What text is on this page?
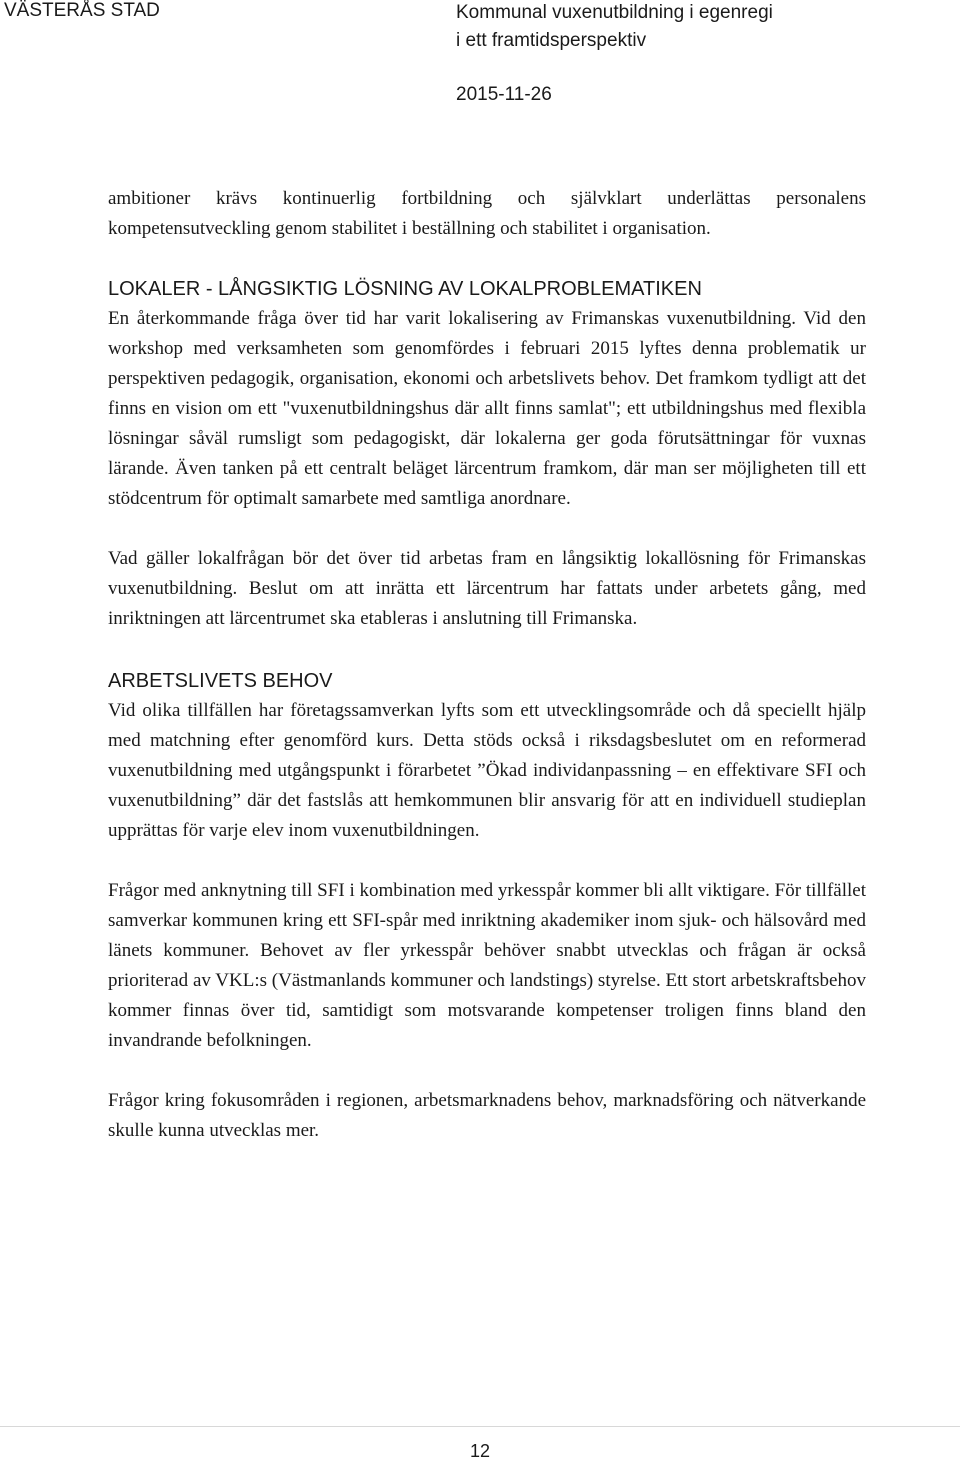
VÄSTERÅS STAD	Kommunal vuxenutbildning i egenregi
i ett framtidsperspektiv
2015-11-26

ambitioner krävs kontinuerlig fortbildning och självklart underlättas personalens kompetensutveckling genom stabilitet i beställning och stabilitet i organisation.

LOKALER - LÅNGSIKTIG LÖSNING AV LOKALPROBLEMATIKEN

En återkommande fråga över tid har varit lokalisering av Frimanskas vuxenutbildning. Vid den workshop med verksamheten som genomfördes i februari 2015 lyftes denna problematik ur perspektiven pedagogik, organisation, ekonomi och arbetslivets behov. Det framkom tydligt att det finns en vision om ett "vuxenutbildningshus där allt finns samlat"; ett utbildningshus med flexibla lösningar såväl rumsligt som pedagogiskt, där lokalerna ger goda förutsättningar för vuxnas lärande. Även tanken på ett centralt beläget lärcentrum framkom, där man ser möjligheten till ett stödcentrum för optimalt samarbete med samtliga anordnare.

Vad gäller lokalfrågan bör det över tid arbetas fram en långsiktig lokallösning för Frimanskas vuxenutbildning. Beslut om att inrätta ett lärcentrum har fattats under arbetets gång, med inriktningen att lärcentrumet ska etableras i anslutning till Frimanska.

ARBETSLIVETS BEHOV

Vid olika tillfällen har företagssamverkan lyfts som ett utvecklingsområde och då speciellt hjälp med matchning efter genomförd kurs. Detta stöds också i riksdagsbeslutet om en reformerad vuxenutbildning med utgångspunkt i förarbetet ”Ökad individanpassning – en effektivare SFI och vuxenutbildning” där det fastslås att hemkommunen blir ansvarig för att en individuell studieplan upprättas för varje elev inom vuxenutbildningen.

Frågor med anknytning till SFI i kombination med yrkesspår kommer bli allt viktigare. För tillfället samverkar kommunen kring ett SFI-spår med inriktning akademiker inom sjuk- och hälsovård med länets kommuner. Behovet av fler yrkesspår behöver snabbt utvecklas och frågan är också prioriterad av VKL:s (Västmanlands kommuner och landstings) styrelse. Ett stort arbetskraftsbehov kommer finnas över tid, samtidigt som motsvarande kompetenser troligen finns bland den invandrande befolkningen.

Frågor kring fokusområden i regionen, arbetsmarknadens behov, marknadsföring och nätverkande skulle kunna utvecklas mer.

12
